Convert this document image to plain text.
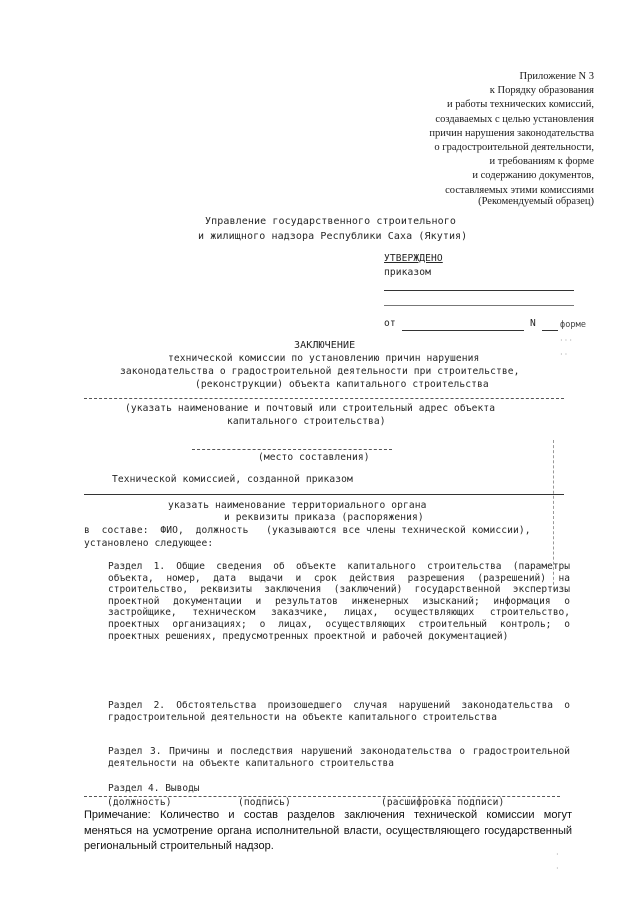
Приложение N 3
к Порядку образования
и работы технических комиссий,
создаваемых с целью установления
причин нарушения законодательства
о градостроительной деятельности,
и требованиям к форме
и содержанию документов,
составляемых этими комиссиями
(Рекомендуемый образец)
Управление государственного строительного
и жилищного надзора Республики Саха (Якутия)
УТВЕРЖДЕНО
приказом
от	N	форме
· · ·
· ·
ЗАКЛЮЧЕНИЕ
технической комиссии по установлению причин нарушения
законодательства о градостроительной деятельности при строительстве,
(реконструкции) объекта капитального строительства
(указать наименование и почтовый или строительный адрес объекта
капитального строительства)
(место составления)
Технической комиссией, созданной приказом
указать наименование территориального органа
и реквизиты приказа (распоряжения)
в  составе:  ФИО,  должность   (указываются все члены технической комиссии),
установлено следующее:
Раздел 1. Общие сведения об объекте капитального строительства (параметры объекта, номер, дата выдачи и срок действия разрешения (разрешений) на строительство, реквизиты заключения (заключений) государственной экспертизы проектной документации и результатов инженерных изысканий; информация о застройщике, техническом заказчике, лицах, осуществляющих строительство, проектных организациях; о лицах, осуществляющих строительный контроль; о проектных решениях, предусмотренных проектной и рабочей документацией)
Раздел 2. Обстоятельства произошедшего случая нарушений законодательства о градостроительной деятельности на объекте капитального строительства
Раздел 3. Причины и последствия нарушений законодательства о градостроительной деятельности на объекте капитального строительства
Раздел 4. Выводы
(должность)	(подпись)	(расшифровка подписи)
Примечание: Количество и состав разделов заключения технической комиссии могут меняться на усмотрение органа исполнительной власти, осуществляющего государственный региональный строительный надзор.
·
·
